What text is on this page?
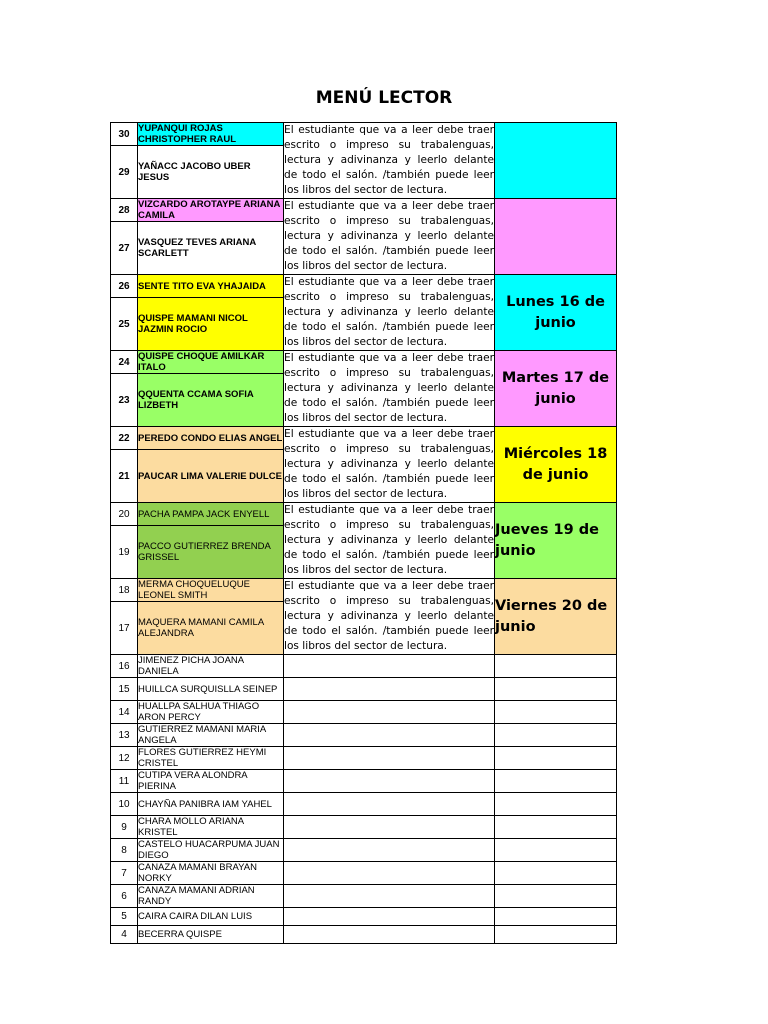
MENÚ LECTOR
30	YUPANQUI ROJAS CHRISTOPHER RAUL	El estudiante que va a leer debe traer escrito o impreso su trabalenguas, lectura y adivinanza y leerlo delante de todo el salón. /también puede leer los libros del sector de lectura.	
29	YAÑACC JACOBO UBER JESUS		
28	VIZCARDO AROTAYPE ARIANA CAMILA	El estudiante que va a leer debe traer escrito o impreso su trabalenguas, lectura y adivinanza y leerlo delante de todo el salón. /también puede leer los libros del sector de lectura.	
27	VASQUEZ TEVES ARIANA SCARLETT		
26	SENTE TITO EVA YHAJAIDA	El estudiante que va a leer debe traer escrito o impreso su trabalenguas, lectura y adivinanza y leerlo delante de todo el salón. /también puede leer los libros del sector de lectura.	Lunes 16 de junio
25	QUISPE MAMANI NICOL JAZMIN ROCIO		
24	QUISPE CHOQUE AMILKAR ITALO	El estudiante que va a leer debe traer escrito o impreso su trabalenguas, lectura y adivinanza y leerlo delante de todo el salón. /también puede leer los libros del sector de lectura.	Martes 17 de junio
23	QQUENTA CCAMA SOFIA LIZBETH		
22	PEREDO CONDO ELIAS ANGEL	El estudiante que va a leer debe traer escrito o impreso su trabalenguas, lectura y adivinanza y leerlo delante de todo el salón. /también puede leer los libros del sector de lectura.	Miércoles 18 de junio
21	PAUCAR LIMA VALERIE DULCE		
20	PACHA PAMPA JACK ENYELL	El estudiante que va a leer debe traer escrito o impreso su trabalenguas, lectura y adivinanza y leerlo delante de todo el salón. /también puede leer los libros del sector de lectura.	Jueves 19 de junio
19	PACCO GUTIERREZ BRENDA GRISSEL		
18	MERMA CHOQUELUQUE LEONEL SMITH	El estudiante que va a leer debe traer escrito o impreso su trabalenguas, lectura y adivinanza y leerlo delante de todo el salón. /también puede leer los libros del sector de lectura.	Viernes 20 de junio
17	MAQUERA MAMANI CAMILA ALEJANDRA		
16	JIMENEZ PICHA JOANA DANIELA		
15	HUILLCA SURQUISLLA SEINEP		
14	HUALLPA SALHUA THIAGO ARON PERCY		
13	GUTIERREZ MAMANI MARIA ANGELA		
12	FLORES GUTIERREZ HEYMI CRISTEL		
11	CUTIPA VERA ALONDRA PIERINA		
10	CHAYÑA PANIBRA IAM YAHEL		
9	CHARA MOLLO ARIANA KRISTEL		
8	CASTELO HUACARPUMA JUAN DIEGO		
7	CANAZA MAMANI BRAYAN NORKY		
6	CANAZA MAMANI ADRIAN RANDY		
5	CAIRA CAIRA DILAN LUIS		
4	BECERRA QUISPE		
